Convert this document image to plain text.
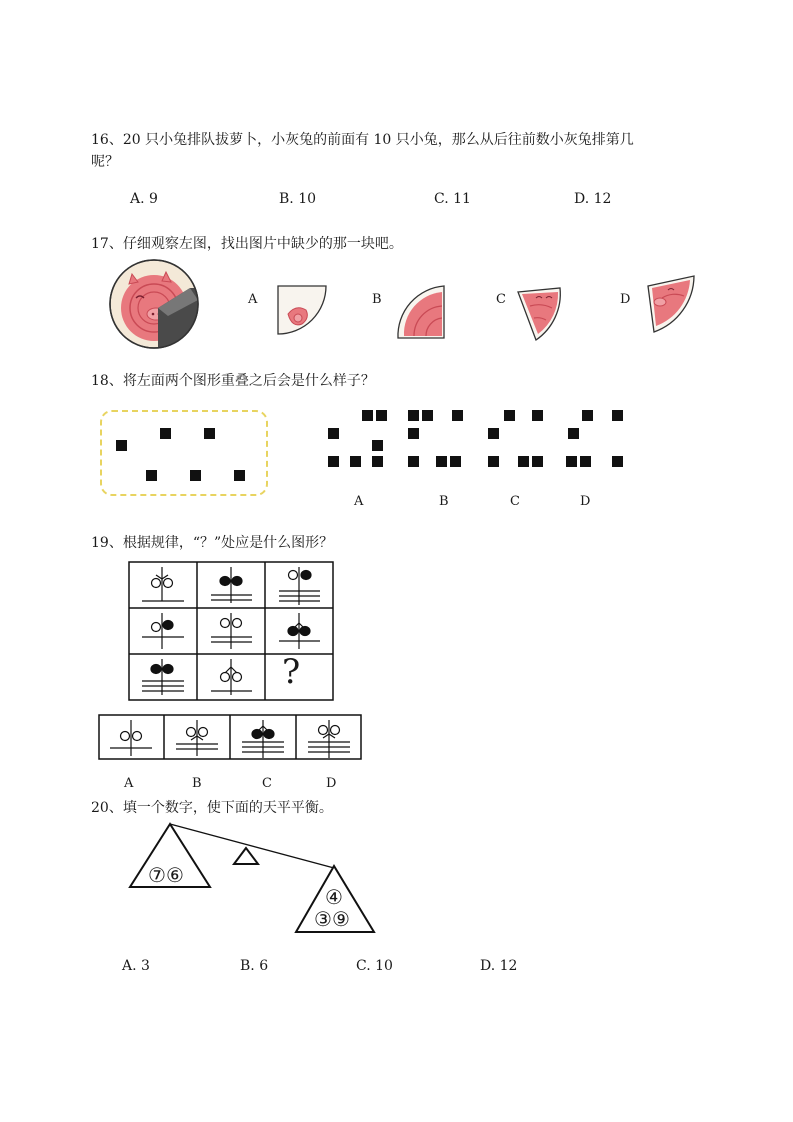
16、20 只小兔排队拔萝卜，小灰兔的前面有 10 只小兔，那么从后往前数小灰兔排第几
呢？
A. 9	B. 10	C. 11	D. 12
17、仔细观察左图，找出图片中缺少的那一块吧。
A	B	C	D
18、将左面两个图形重叠之后会是什么样子？
A	B	C	D
19、根据规律，“？”处应是什么图形？
?
A	B	C	D
20、填一个数字，使下面的天平平衡。
⑦⑥
④
③⑨
A. 3	B. 6	C. 10	D. 12
